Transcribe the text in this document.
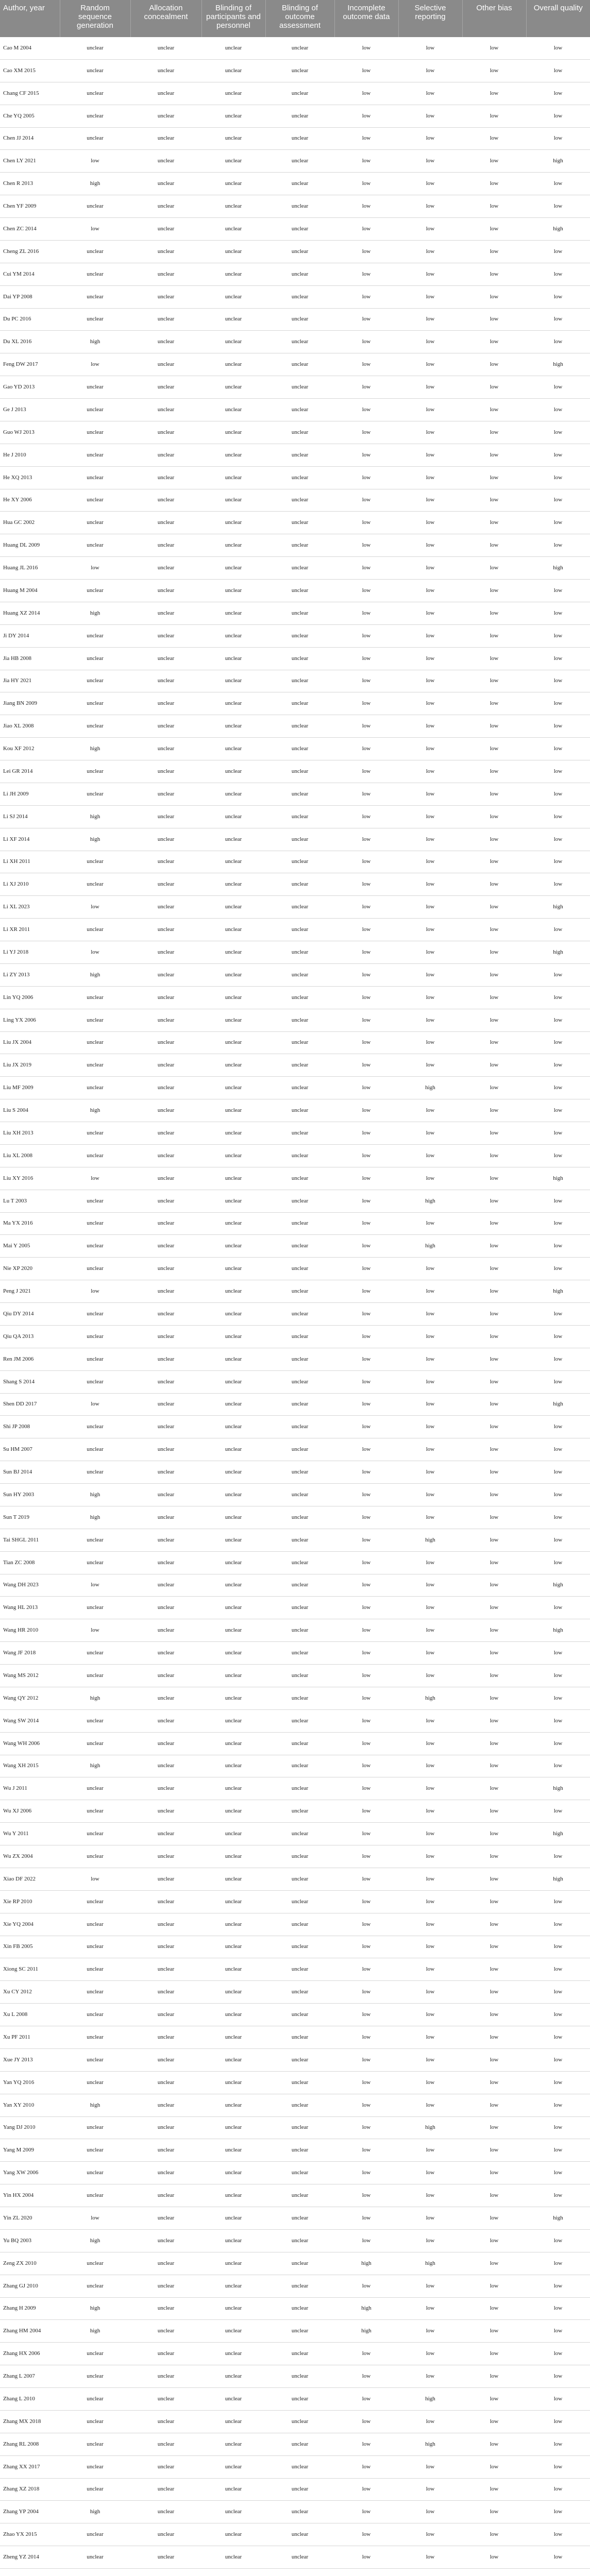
Author, year	Random sequence generation	Allocation concealment	Blinding of participants and personnel	Blinding of outcome assessment	Incomplete outcome data	Selective reporting	Other bias	Overall quality
Cao M 2004	unclear	unclear	unclear	unclear	low	low	low	low
Cao XM 2015	unclear	unclear	unclear	unclear	low	low	low	low
Chang CF 2015	unclear	unclear	unclear	unclear	low	low	low	low
Che YQ 2005	unclear	unclear	unclear	unclear	low	low	low	low
Chen JJ 2014	unclear	unclear	unclear	unclear	low	low	low	low
Chen LY 2021	low	unclear	unclear	unclear	low	low	low	high
Chen R 2013	high	unclear	unclear	unclear	low	low	low	low
Chen YF 2009	unclear	unclear	unclear	unclear	low	low	low	low
Chen ZC 2014	low	unclear	unclear	unclear	low	low	low	high
Cheng ZL 2016	unclear	unclear	unclear	unclear	low	low	low	low
Cui YM 2014	unclear	unclear	unclear	unclear	low	low	low	low
Dai YP 2008	unclear	unclear	unclear	unclear	low	low	low	low
Du PC 2016	unclear	unclear	unclear	unclear	low	low	low	low
Du XL 2016	high	unclear	unclear	unclear	low	low	low	low
Feng DW 2017	low	unclear	unclear	unclear	low	low	low	high
Gao YD 2013	unclear	unclear	unclear	unclear	low	low	low	low
Ge J 2013	unclear	unclear	unclear	unclear	low	low	low	low
Guo WJ 2013	unclear	unclear	unclear	unclear	low	low	low	low
He J 2010	unclear	unclear	unclear	unclear	low	low	low	low
He XQ 2013	unclear	unclear	unclear	unclear	low	low	low	low
He XY 2006	unclear	unclear	unclear	unclear	low	low	low	low
Hua GC 2002	unclear	unclear	unclear	unclear	low	low	low	low
Huang DL 2009	unclear	unclear	unclear	unclear	low	low	low	low
Huang JL 2016	low	unclear	unclear	unclear	low	low	low	high
Huang M 2004	unclear	unclear	unclear	unclear	low	low	low	low
Huang XZ 2014	high	unclear	unclear	unclear	low	low	low	low
Ji DY 2014	unclear	unclear	unclear	unclear	low	low	low	low
Jia HB 2008	unclear	unclear	unclear	unclear	low	low	low	low
Jia HY 2021	unclear	unclear	unclear	unclear	low	low	low	low
Jiang BN 2009	unclear	unclear	unclear	unclear	low	low	low	low
Jiao XL 2008	unclear	unclear	unclear	unclear	low	low	low	low
Kou XF 2012	high	unclear	unclear	unclear	low	low	low	low
Lei GR 2014	unclear	unclear	unclear	unclear	low	low	low	low
Li JH 2009	unclear	unclear	unclear	unclear	low	low	low	low
Li SJ 2014	high	unclear	unclear	unclear	low	low	low	low
Li XF 2014	high	unclear	unclear	unclear	low	low	low	low
Li XH 2011	unclear	unclear	unclear	unclear	low	low	low	low
Li XJ 2010	unclear	unclear	unclear	unclear	low	low	low	low
Li XL 2023	low	unclear	unclear	unclear	low	low	low	high
Li XR 2011	unclear	unclear	unclear	unclear	low	low	low	low
Li YJ 2018	low	unclear	unclear	unclear	low	low	low	high
Li ZY 2013	high	unclear	unclear	unclear	low	low	low	low
Lin YQ 2006	unclear	unclear	unclear	unclear	low	low	low	low
Ling YX 2006	unclear	unclear	unclear	unclear	low	low	low	low
Liu JX 2004	unclear	unclear	unclear	unclear	low	low	low	low
Liu JX 2019	unclear	unclear	unclear	unclear	low	low	low	low
Liu MF 2009	unclear	unclear	unclear	unclear	low	high	low	low
Liu S 2004	high	unclear	unclear	unclear	low	low	low	low
Liu XH 2013	unclear	unclear	unclear	unclear	low	low	low	low
Liu XL 2008	unclear	unclear	unclear	unclear	low	low	low	low
Liu XY 2016	low	unclear	unclear	unclear	low	low	low	high
Lu T 2003	unclear	unclear	unclear	unclear	low	high	low	low
Ma YX 2016	unclear	unclear	unclear	unclear	low	low	low	low
Mai Y 2005	unclear	unclear	unclear	unclear	low	high	low	low
Nie XP 2020	unclear	unclear	unclear	unclear	low	low	low	low
Peng J 2021	low	unclear	unclear	unclear	low	low	low	high
Qiu DY 2014	unclear	unclear	unclear	unclear	low	low	low	low
Qiu QA 2013	unclear	unclear	unclear	unclear	low	low	low	low
Ren JM 2006	unclear	unclear	unclear	unclear	low	low	low	low
Shang S 2014	unclear	unclear	unclear	unclear	low	low	low	low
Shen DD 2017	low	unclear	unclear	unclear	low	low	low	high
Shi JP 2008	unclear	unclear	unclear	unclear	low	low	low	low
Su HM 2007	unclear	unclear	unclear	unclear	low	low	low	low
Sun BJ 2014	unclear	unclear	unclear	unclear	low	low	low	low
Sun HY 2003	high	unclear	unclear	unclear	low	low	low	low
Sun T 2019	high	unclear	unclear	unclear	low	low	low	low
Tai SHGL 2011	unclear	unclear	unclear	unclear	low	high	low	low
Tian ZC 2008	unclear	unclear	unclear	unclear	low	low	low	low
Wang DH 2023	low	unclear	unclear	unclear	low	low	low	high
Wang HL 2013	unclear	unclear	unclear	unclear	low	low	low	low
Wang HR 2010	low	unclear	unclear	unclear	low	low	low	high
Wang JF 2018	unclear	unclear	unclear	unclear	low	low	low	low
Wang MS 2012	unclear	unclear	unclear	unclear	low	low	low	low
Wang QY 2012	high	unclear	unclear	unclear	low	high	low	low
Wang SW 2014	unclear	unclear	unclear	unclear	low	low	low	low
Wang WH 2006	unclear	unclear	unclear	unclear	low	low	low	low
Wang XH 2015	high	unclear	unclear	unclear	low	low	low	low
Wu J 2011	unclear	unclear	unclear	unclear	low	low	low	high
Wu XJ 2006	unclear	unclear	unclear	unclear	low	low	low	low
Wu Y 2011	unclear	unclear	unclear	unclear	low	low	low	high
Wu ZX 2004	unclear	unclear	unclear	unclear	low	low	low	low
Xiao DF 2022	low	unclear	unclear	unclear	low	low	low	high
Xie RP 2010	unclear	unclear	unclear	unclear	low	low	low	low
Xie YQ 2004	unclear	unclear	unclear	unclear	low	low	low	low
Xin FB 2005	unclear	unclear	unclear	unclear	low	low	low	low
Xiong SC 2011	unclear	unclear	unclear	unclear	low	low	low	low
Xu CY 2012	unclear	unclear	unclear	unclear	low	low	low	low
Xu L 2008	unclear	unclear	unclear	unclear	low	low	low	low
Xu PF 2011	unclear	unclear	unclear	unclear	low	low	low	low
Xue JY 2013	unclear	unclear	unclear	unclear	low	low	low	low
Yan YQ 2016	unclear	unclear	unclear	unclear	low	low	low	low
Yan XY 2010	high	unclear	unclear	unclear	low	low	low	low
Yang DJ 2010	unclear	unclear	unclear	unclear	low	high	low	low
Yang M 2009	unclear	unclear	unclear	unclear	low	low	low	low
Yang XW 2006	unclear	unclear	unclear	unclear	low	low	low	low
Yin HX 2004	unclear	unclear	unclear	unclear	low	low	low	low
Yin ZL 2020	low	unclear	unclear	unclear	low	low	low	high
Yu BQ 2003	high	unclear	unclear	unclear	low	low	low	low
Zeng ZX 2010	unclear	unclear	unclear	unclear	high	high	low	low
Zhang GJ 2010	unclear	unclear	unclear	unclear	low	low	low	low
Zhang H 2009	high	unclear	unclear	unclear	high	low	low	low
Zhang HM 2004	high	unclear	unclear	unclear	high	low	low	low
Zhang HX 2006	unclear	unclear	unclear	unclear	low	low	low	low
Zhang L 2007	unclear	unclear	unclear	unclear	low	low	low	low
Zhang L 2010	unclear	unclear	unclear	unclear	low	high	low	low
Zhang MX 2018	unclear	unclear	unclear	unclear	low	low	low	low
Zhang RL 2008	unclear	unclear	unclear	unclear	low	high	low	low
Zhang XX 2017	unclear	unclear	unclear	unclear	low	low	low	low
Zhang XZ 2018	unclear	unclear	unclear	unclear	low	low	low	low
Zhang YP 2004	high	unclear	unclear	unclear	low	low	low	low
Zhao YX 2015	unclear	unclear	unclear	unclear	low	low	low	low
Zheng YZ 2014	unclear	unclear	unclear	unclear	low	low	low	low
